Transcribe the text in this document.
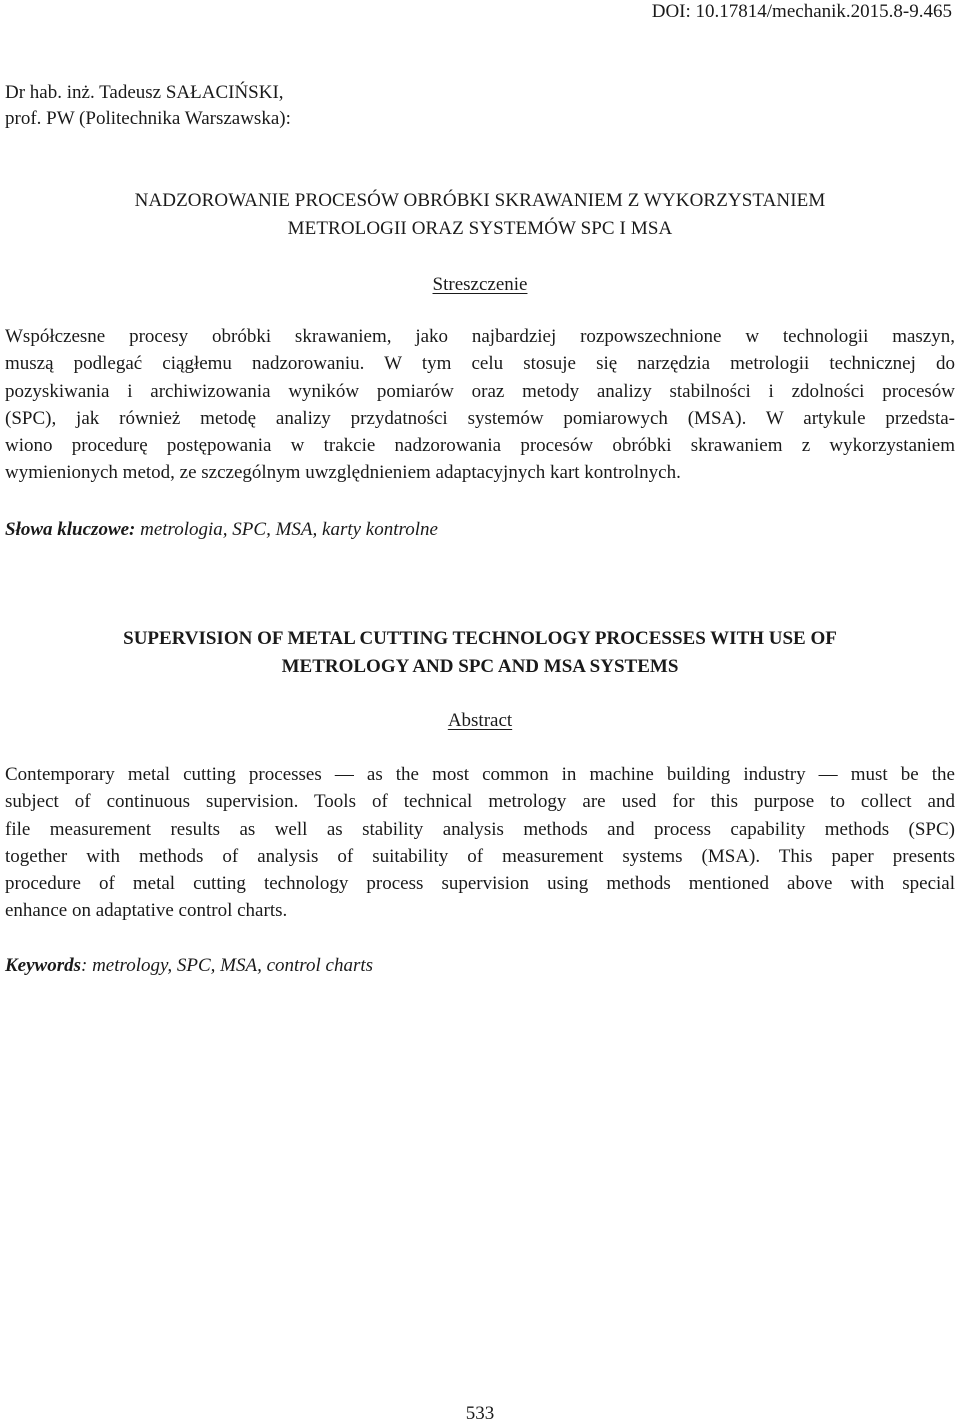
DOI: 10.17814/mechanik.2015.8-9.465
Dr hab. inż. Tadeusz SAŁACIŃSKI,
prof. PW (Politechnika Warszawska):
NADZOROWANIE PROCESÓW OBRÓBKI SKRAWANIEM Z WYKORZYSTANIEM
METROLOGII ORAZ SYSTEMÓW SPC I MSA
Streszczenie
Współczesne procesy obróbki skrawaniem, jako najbardziej rozpowszechnione w technologii maszyn,
muszą podlegać ciągłemu nadzorowaniu. W tym celu stosuje się narzędzia metrologii technicznej do
pozyskiwania i archiwizowania wyników pomiarów oraz metody analizy stabilności i zdolności procesów
(SPC), jak również metodę analizy przydatności systemów pomiarowych (MSA). W artykule przedsta-
wiono procedurę postępowania w trakcie nadzorowania procesów obróbki skrawaniem z wykorzystaniem
wymienionych metod, ze szczególnym uwzględnieniem adaptacyjnych kart kontrolnych.
Słowa kluczowe: metrologia, SPC, MSA, karty kontrolne
SUPERVISION OF METAL CUTTING TECHNOLOGY PROCESSES WITH USE OF
METROLOGY AND SPC AND MSA SYSTEMS
Abstract
Contemporary metal cutting processes — as the most common in machine building industry — must be the
subject of continuous supervision. Tools of technical metrology are used for this purpose to collect and
file measurement results as well as stability analysis methods and process capability methods (SPC)
together with methods of analysis of suitability of measurement systems (MSA). This paper presents
procedure of metal cutting technology process supervision using methods mentioned above with special
enhance on adaptative control charts.
Keywords: metrology, SPC, MSA, control charts
533
